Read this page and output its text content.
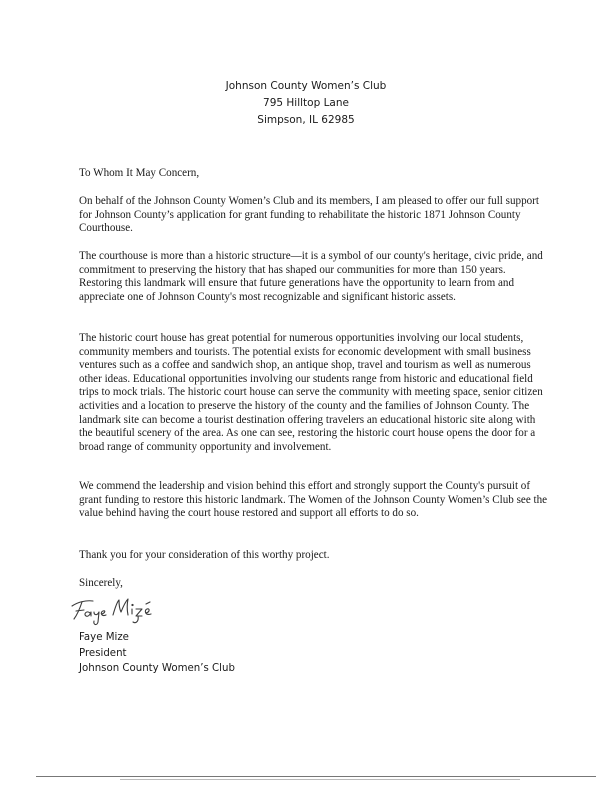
Johnson County Women’s Club
795 Hilltop Lane
Simpson, IL 62985

To Whom It May Concern,

On behalf of the Johnson County Women’s Club and its members, I am pleased to offer our full support for Johnson County’s application for grant funding to rehabilitate the historic 1871 Johnson County Courthouse.

The courthouse is more than a historic structure—it is a symbol of our county's heritage, civic pride, and commitment to preserving the history that has shaped our communities for more than 150 years. Restoring this landmark will ensure that future generations have the opportunity to learn from and appreciate one of Johnson County's most recognizable and significant historic assets.

The historic court house has great potential for numerous opportunities involving our local students, community members and tourists. The potential exists for economic development with small business ventures such as a coffee and sandwich shop, an antique shop, travel and tourism as well as numerous other ideas. Educational opportunities involving our students range from historic and educational field trips to mock trials. The historic court house can serve the community with meeting space, senior citizen activities and a location to preserve the history of the county and the families of Johnson County. The landmark site can become a tourist destination offering travelers an educational historic site along with the beautiful scenery of the area. As one can see, restoring the historic court house opens the door for a broad range of community opportunity and involvement.

We commend the leadership and vision behind this effort and strongly support the County's pursuit of grant funding to restore this historic landmark. The Women of the Johnson County Women’s Club see the value behind having the court house restored and support all efforts to do so.

Thank you for your consideration of this worthy project.

Sincerely,

Faye Mize
President
Johnson County Women’s Club
